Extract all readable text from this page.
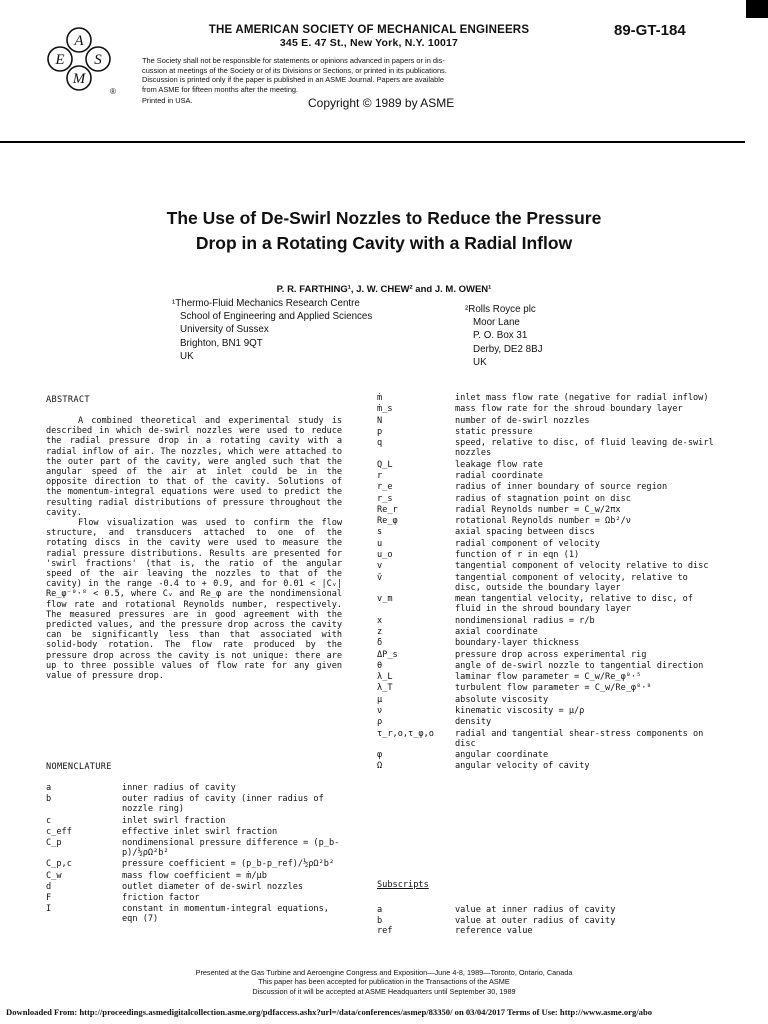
A
E S
M
®
THE AMERICAN SOCIETY OF MECHANICAL ENGINEERS
345 E. 47 St., New York, N.Y. 10017
89-GT-184
The Society shall not be responsible for statements or opinions advanced in papers or in dis-
cussion at meetings of the Society or of its Divisions or Sections, or printed in its publications.
Discussion is printed only if the paper is published in an ASME Journal. Papers are available
from ASME for fifteen months after the meeting.
Printed in USA.	Copyright © 1989 by ASME
The Use of De-Swirl Nozzles to Reduce the Pressure
Drop in a Rotating Cavity with a Radial Inflow
P. R. FARTHING¹, J. W. CHEW² and J. M. OWEN¹
¹Thermo-Fluid Mechanics Research Centre
School of Engineering and Applied Sciences
University of Sussex
Brighton, BN1 9QT
UK
²Rolls Royce plc
Moor Lane
P. O. Box 31
Derby, DE2 8BJ
UK
ABSTRACT

A combined theoretical and experimental study is described in which de-swirl nozzles were used to reduce the radial pressure drop in a rotating cavity with a radial inflow of air. The nozzles, which were attached to the outer part of the cavity, were angled such that the angular speed of the air at inlet could be in the opposite direction to that of the cavity. Solutions of the momentum-integral equations were used to predict the resulting radial distributions of pressure throughout the cavity.

Flow visualization was used to confirm the flow structure, and transducers attached to one of the rotating discs in the cavity were used to measure the radial pressure distributions. Results are presented for 'swirl fractions' (that is, the ratio of the angular speed of the air leaving the nozzles to that of the cavity) in the range -0.4 to + 0.9, and for 0.01 < |Cᵥ| Re_φ⁻⁰·⁸ < 0.5, where Cᵥ and Re_φ are the nondimensional flow rate and rotational Reynolds number, respectively. The measured pressures are in good agreement with the predicted values, and the pressure drop across the cavity can be significantly less than that associated with solid-body rotation. The flow rate produced by the pressure drop across the cavity is not unique: there are up to three possible values of flow rate for any given value of pressure drop.

NOMENCLATURE
a	inner radius of cavity
b	outer radius of cavity (inner radius of nozzle ring)
c	inlet swirl fraction
c_eff	effective inlet swirl fraction
C_p	nondimensional pressure difference = (p_b-p)/½ρΩ²b²
C_p,c	pressure coefficient = (p_b-p_ref)/½ρΩ²b²
C_w	mass flow coefficient = ṁ/μb
d	outlet diameter of de-swirl nozzles
F	friction factor
I	constant in momentum-integral equations, eqn (7)
ṁ	inlet mass flow rate (negative for radial inflow)
ṁ_s	mass flow rate for the shroud boundary layer
N	number of de-swirl nozzles
p	static pressure
q	speed, relative to disc, of fluid leaving de-swirl nozzles
Q_L	leakage flow rate
r	radial coordinate
r_e	radius of inner boundary of source region
r_s	radius of stagnation point on disc
Re_r	radial Reynolds number = C_w/2πx
Re_φ	rotational Reynolds number = Ωb²/ν
s	axial spacing between discs
u	radial component of velocity
u_o	function of r in eqn (1)
v	tangential component of velocity relative to disc
v̄	tangential component of velocity, relative to disc, outside the boundary layer
v_m	mean tangential velocity, relative to disc, of fluid in the shroud boundary layer
x	nondimensional radius = r/b
z	axial coordinate
δ	boundary-layer thickness
ΔP_s	pressure drop across experimental rig
θ	angle of de-swirl nozzle to tangential direction
λ_L	laminar flow parameter = C_w/Re_φ⁰·⁵
λ_T	turbulent flow parameter = C_w/Re_φ⁰·⁸
μ	absolute viscosity
ν	kinematic viscosity = μ/ρ
ρ	density
τ_r,o,τ_φ,o	radial and tangential shear-stress components on disc
φ	angular coordinate
Ω	angular velocity of cavity
Subscripts
a	value at inner radius of cavity
b	value at outer radius of cavity
ref	reference value
Presented at the Gas Turbine and Aeroengine Congress and Exposition—June 4-8, 1989—Toronto, Ontario, Canada
This paper has been accepted for publication in the Transactions of the ASME
Discussion of it will be accepted at ASME Headquarters until September 30, 1989
Downloaded From: http://proceedings.asmedigitalcollection.asme.org/pdfaccess.ashx?url=/data/conferences/asmep/83350/ on 03/04/2017 Terms of Use: http://www.asme.org/abo
